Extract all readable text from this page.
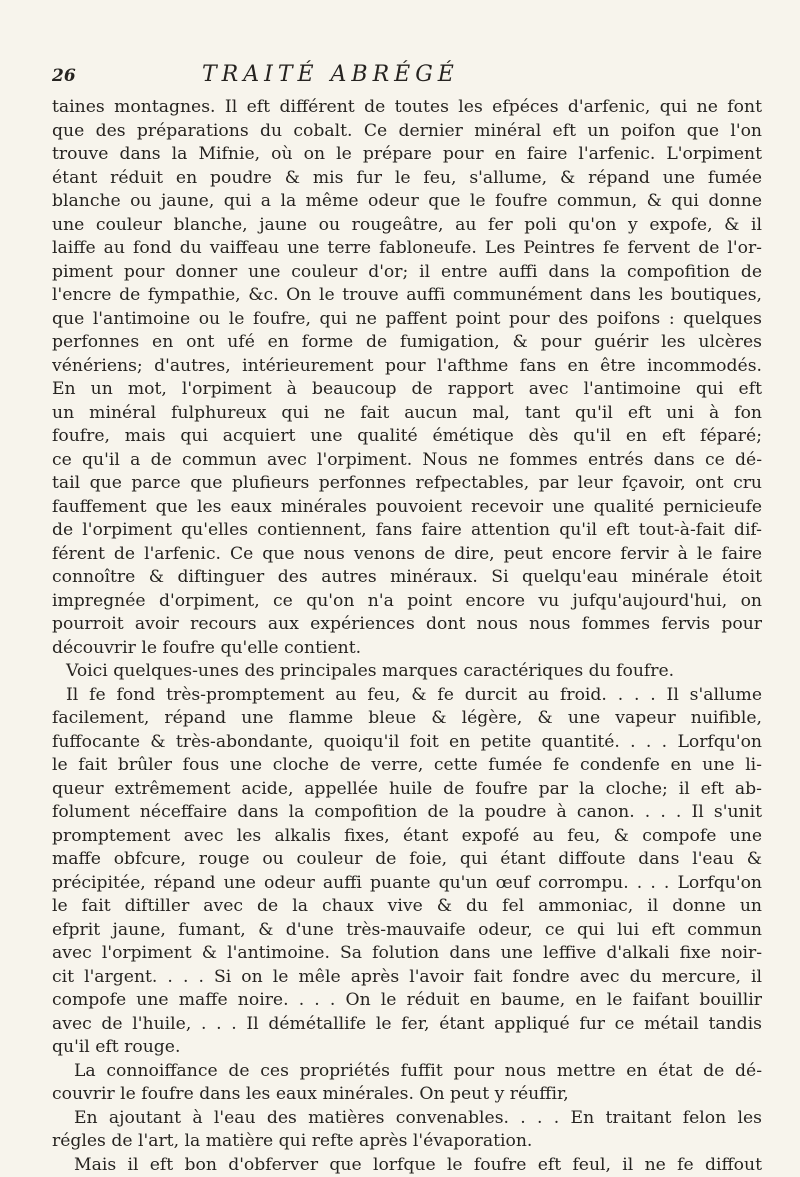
26	TRAITÉ ABRÉGÉ
taines montagnes. Il eft différent de toutes les efpéces d'arfenic, qui ne font
que des préparations du cobalt. Ce dernier minéral eft un poifon que l'on
trouve dans la Mifnie, où on le prépare pour en faire l'arfenic. L'orpiment
étant réduit en poudre & mis fur le feu, s'allume, & répand une fumée
blanche ou jaune, qui a la même odeur que le foufre commun, & qui donne
une couleur blanche, jaune ou rougeâtre, au fer poli qu'on y expofe, & il
laiffe au fond du vaiffeau une terre fabloneufe. Les Peintres fe fervent de l'or-
piment pour donner une couleur d'or; il entre auffi dans la compofition de
l'encre de fympathie, &c. On le trouve auffi communément dans les boutiques,
que l'antimoine ou le foufre, qui ne paffent point pour des poifons : quelques
perfonnes en ont ufé en forme de fumigation, & pour guérir les ulcères
vénériens; d'autres, intérieurement pour l'afthme fans en être incommodés.
En un mot, l'orpiment à beaucoup de rapport avec l'antimoine qui eft
un minéral fulphureux qui ne fait aucun mal, tant qu'il eft uni à fon
foufre, mais qui acquiert une qualité émétique dès qu'il en eft féparé;
ce qu'il a de commun avec l'orpiment. Nous ne fommes entrés dans ce dé-
tail que parce que plufieurs perfonnes refpectables, par leur fçavoir, ont cru
fauffement que les eaux minérales pouvoient recevoir une qualité pernicieufe
de l'orpiment qu'elles contiennent, fans faire attention qu'il eft tout-à-fait dif-
férent de l'arfenic. Ce que nous venons de dire, peut encore fervir à le faire
connoître & diftinguer des autres minéraux. Si quelqu'eau minérale étoit
impregnée d'orpiment, ce qu'on n'a point encore vu jufqu'aujourd'hui, on
pourroit avoir recours aux expériences dont nous nous fommes fervis pour
découvrir le foufre qu'elle contient.
Voici quelques-unes des principales marques caractériques du foufre.
Il fe fond très-promptement au feu, & fe durcit au froid. . . . Il s'allume
facilement, répand une flamme bleue & légère, & une vapeur nuifible,
fuffocante & très-abondante, quoiqu'il foit en petite quantité. . . . Lorfqu'on
le fait brûler fous une cloche de verre, cette fumée fe condenfe en une li-
queur extrêmement acide, appellée huile de foufre par la cloche; il eft ab-
folument néceffaire dans la compofition de la poudre à canon. . . . Il s'unit
promptement avec les alkalis fixes, étant expofé au feu, & compofe une
maffe obfcure, rouge ou couleur de foie, qui étant diffoute dans l'eau &
précipitée, répand une odeur auffi puante qu'un œuf corrompu. . . . Lorfqu'on
le fait diftiller avec de la chaux vive & du fel ammoniac, il donne un
efprit jaune, fumant, & d'une très-mauvaife odeur, ce qui lui eft commun
avec l'orpiment & l'antimoine. Sa folution dans une leffive d'alkali fixe noir-
cit l'argent. . . . Si on le mêle après l'avoir fait fondre avec du mercure, il
compofe une maffe noire. . . . On le réduit en baume, en le faifant bouillir
avec de l'huile, . . . Il démétallife le fer, étant appliqué fur ce métail tandis
qu'il eft rouge.
La connoiffance de ces propriétés fuffit pour nous mettre en état de dé-
couvrir le foufre dans les eaux minérales. On peut y réuffir,
En ajoutant à l'eau des matières convenables. . . . En traitant felon les
régles de l'art, la matière qui refte après l'évaporation.
Mais il eft bon d'obferver que lorfque le foufre eft feul, il ne fe diffout
